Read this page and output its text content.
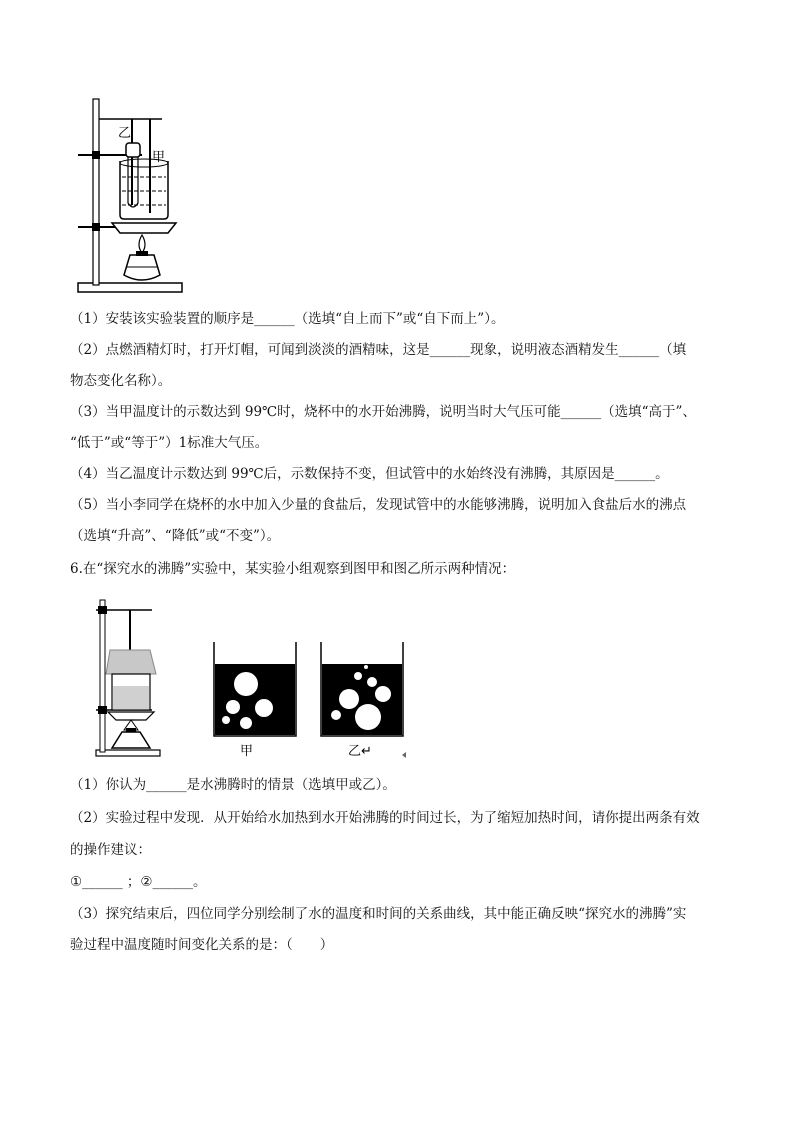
乙
甲
（1）安装该实验装置的顺序是______（选填“自上而下”或“自下而上”）。
（2）点燃酒精灯时，打开灯帽，可闻到淡淡的酒精味，这是______现象，说明液态酒精发生______（填
物态变化名称）。
（3）当甲温度计的示数达到 99℃时，烧杯中的水开始沸腾，说明当时大气压可能______（选填“高于”、
“低于”或“等于”）1标准大气压。
（4）当乙温度计示数达到 99℃后，示数保持不变，但试管中的水始终没有沸腾，其原因是______。
（5）当小李同学在烧杯的水中加入少量的食盐后，发现试管中的水能够沸腾，说明加入食盐后水的沸点
（选填“升高”、“降低”或“不变”）。
6.在“探究水的沸腾”实验中，某实验小组观察到图甲和图乙所示两种情况：
甲	乙↵
（1）你认为______是水沸腾时的情景（选填甲或乙）。
（2）实验过程中发现．从开始给水加热到水开始沸腾的时间过长，为了缩短加热时间，请你提出两条有效
的操作建议：
①______ ；②______。
（3）探究结束后，四位同学分别绘制了水的温度和时间的关系曲线，其中能正确反映“探究水的沸腾”实
验过程中温度随时间变化关系的是：（　　）
